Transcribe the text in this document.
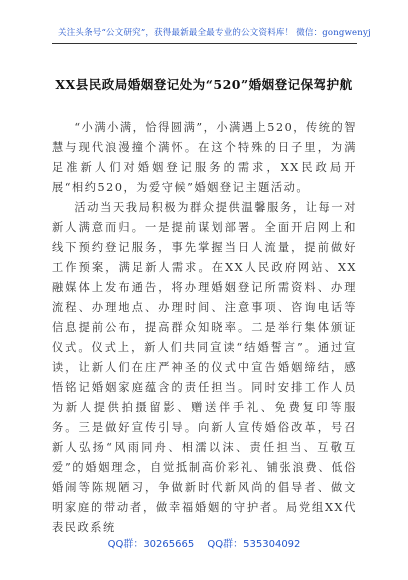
关注头条号“公文研究”，获得最新最全最专业的公文资料库！ 微信：gongwenyj
XX县民政局婚姻登记处为“520”婚姻登记保驾护航

“小满小满，恰得圆满”，小满遇上520，传统的智慧与现代浪漫撞个满怀。在这个特殊的日子里，为满足准新人们对婚姻登记服务的需求，XX民政局开展“相约520，为爱守候”婚姻登记主题活动。

活动当天我局积极为群众提供温馨服务，让每一对新人满意而归。一是提前谋划部署。全面开启网上和线下预约登记服务，事先掌握当日人流量，提前做好工作预案，满足新人需求。在XX人民政府网站、XX融媒体上发布通告，将办理婚姻登记所需资料、办理流程、办理地点、办理时间、注意事项、咨询电话等信息提前公布，提高群众知晓率。二是举行集体颁证仪式。仪式上，新人们共同宣读“结婚誓言”。通过宣读，让新人们在庄严神圣的仪式中宣告婚姻缔结，感悟铭记婚姻家庭蕴含的责任担当。同时安排工作人员为新人提供拍摄留影、赠送伴手礼、免费复印等服务。三是做好宣传引导。向新人宣传婚俗改革，号召新人弘扬“风雨同舟、相濡以沫、责任担当、互敬互爱”的婚姻理念，自觉抵制高价彩礼、铺张浪费、低俗婚闹等陈规陋习，争做新时代新风尚的倡导者、做文明家庭的带动者，做幸福婚姻的守护者。局党组XX代表民政系统

QQ群：30265665 QQ群：535304092
